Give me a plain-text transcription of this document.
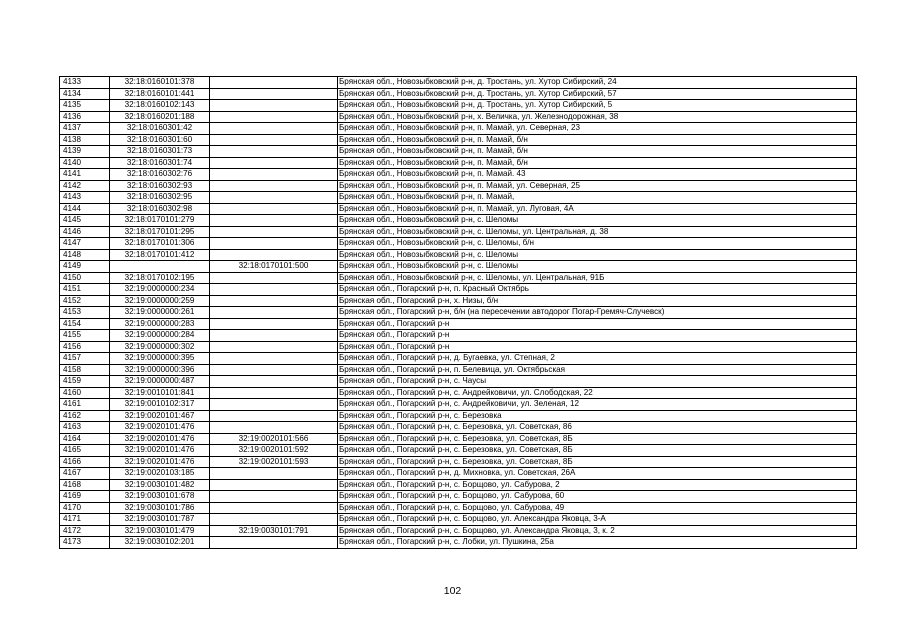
4133	32:18:0160101:378		Брянская обл., Новозыбковский р-н, д. Тростань, ул. Хутор Сибирский, 24
4134	32:18:0160101:441		Брянская обл., Новозыбковский р-н, д. Тростань, ул. Хутор Сибирский, 57
4135	32:18:0160102:143		Брянская обл., Новозыбковский р-н, д. Тростань, ул. Хутор Сибирский, 5
4136	32:18:0160201:188		Брянская обл., Новозыбковский р-н, х. Величка, ул. Железнодорожная, 38
4137	32:18:0160301:42		Брянская обл., Новозыбковский р-н, п. Мамай, ул. Северная, 23
4138	32:18:0160301:60		Брянская обл., Новозыбковский р-н, п. Мамай, б/н
4139	32:18:0160301:73		Брянская обл., Новозыбковский р-н, п. Мамай, б/н
4140	32:18:0160301:74		Брянская обл., Новозыбковский р-н, п. Мамай, б/н
4141	32:18:0160302:76		Брянская обл., Новозыбковский р-н, п. Мамай. 43
4142	32:18:0160302:93		Брянская обл., Новозыбковский р-н, п. Мамай, ул. Северная, 25
4143	32:18:0160302:95		Брянская обл., Новозыбковский р-н, п. Мамай,
4144	32:18:0160302:98		Брянская обл., Новозыбковский р-н, п. Мамай, ул. Луговая, 4А
4145	32:18:0170101:279		Брянская обл., Новозыбковский р-н, с. Шеломы
4146	32:18:0170101:295		Брянская обл., Новозыбковский р-н, с. Шеломы, ул. Центральная, д. 38
4147	32:18:0170101:306		Брянская обл., Новозыбковский р-н, с. Шеломы, б/н
4148	32:18:0170101:412		Брянская обл., Новозыбковский р-н, с. Шеломы
4149		32:18:0170101:500	Брянская обл., Новозыбковский р-н, с. Шеломы
4150	32:18:0170102:195		Брянская обл., Новозыбковский р-н, с. Шеломы, ул. Центральная, 91Б
4151	32:19:0000000:234		Брянская обл., Погарский р-н, п. Красный Октябрь
4152	32:19:0000000:259		Брянская обл., Погарский р-н, х. Низы, б/н
4153	32:19:0000000:261		Брянская обл., Погарский р-н, б/н (на пересечении автодорог Погар-Гремяч-Случевск)
4154	32:19:0000000:283		Брянская обл., Погарский р-н
4155	32:19:0000000:284		Брянская обл., Погарский р-н
4156	32:19:0000000:302		Брянская обл., Погарский р-н
4157	32:19:0000000:395		Брянская обл., Погарский р-н, д. Бугаевка, ул. Степная, 2
4158	32:19:0000000:396		Брянская обл., Погарский р-н, п. Белевица, ул. Октябрьская
4159	32:19:0000000:487		Брянская обл., Погарский р-н, с. Чаусы
4160	32:19:0010101:841		Брянская обл., Погарский р-н, с. Андрейковичи, ул. Слободская, 22
4161	32:19:0010102:317		Брянская обл., Погарский р-н, с. Андрейковичи, ул. Зеленая, 12
4162	32:19:0020101:467		Брянская обл., Погарский р-н, с. Березовка
4163	32:19:0020101:476		Брянская обл., Погарский р-н, с. Березовка, ул. Советская, 86
4164	32:19:0020101:476	32:19:0020101:566	Брянская обл., Погарский р-н, с. Березовка, ул. Советская, 8Б
4165	32:19:0020101:476	32:19:0020101:592	Брянская обл., Погарский р-н, с. Березовка, ул. Советская, 8Б
4166	32:19:0020101:476	32:19:0020101:593	Брянская обл., Погарский р-н, с. Березовка, ул. Советская, 8Б
4167	32:19:0020103:185		Брянская обл., Погарский р-н, д. Михновка, ул. Советская, 26А
4168	32:19:0030101:482		Брянская обл., Погарский р-н, с. Борщово, ул. Сабурова, 2
4169	32:19:0030101:678		Брянская обл., Погарский р-н, с. Борщово, ул. Сабурова, 60
4170	32:19:0030101:786		Брянская обл., Погарский р-н, с. Борщово, ул. Сабурова, 49
4171	32:19:0030101:787		Брянская обл., Погарский р-н, с. Борщово, ул. Александра Яковца, 3-А
4172	32:19:0030101:479	32:19:0030101:791	Брянская обл., Погарский р-н, с. Борщово, ул. Александра Яковца, 3, к. 2
4173	32:19:0030102:201		Брянская обл., Погарский р-н, с. Лобки, ул. Пушкина, 25а
102
